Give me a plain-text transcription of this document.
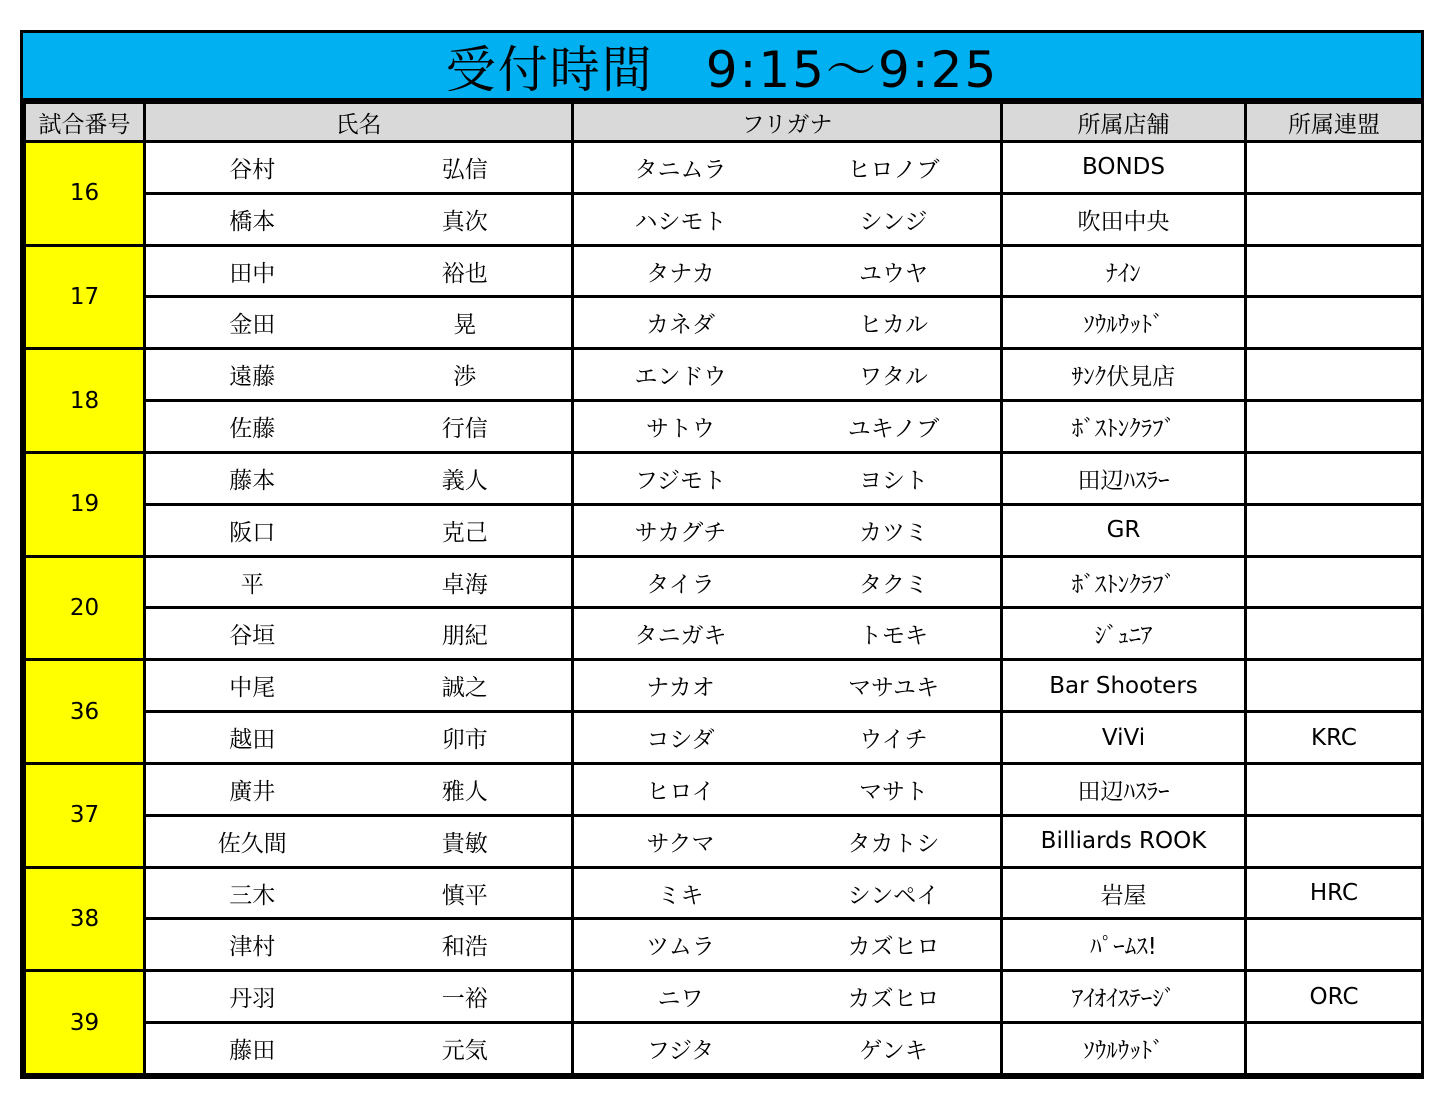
受付時間　9:15〜9:25
試合番号	氏名	フリガナ	所属店舗	所属連盟
16	谷村 弘信	タニムラ ヒロノブ	BONDS	

	橋本 真次	ハシモト シンジ	吹田中央	
17	田中 裕也	タナカ ユウヤ	ﾅｲﾝ	

	金田 晃	カネダ ヒカル	ｿｳﾙｳｯﾄﾞ	
18	遠藤 渉	エンドウ ワタル	ｻﾝｸ伏見店	

	佐藤 行信	サトウ ユキノブ	ﾎﾞｽﾄﾝｸﾗﾌﾞ	
19	藤本 義人	フジモト ヨシト	田辺ﾊｽﾗｰ	

	阪口 克己	サカグチ カツミ	GR	
20	平 卓海	タイラ タクミ	ﾎﾞｽﾄﾝｸﾗﾌﾞ	

	谷垣 朋紀	タニガキ トモキ	ｼﾞｭﾆｱ	
36	中尾 誠之	ナカオ マサユキ	Bar Shooters	

	越田 卯市	コシダ ウイチ	ViVi	KRC
37	廣井 雅人	ヒロイ マサト	田辺ﾊｽﾗｰ	

	佐久間 貴敏	サクマ タカトシ	Billiards ROOK	
38	三木 慎平	ミキ シンペイ	岩屋	HRC

	津村 和浩	ツムラ カズヒロ	ﾊﾟｰﾑｽ!	
39	丹羽 一裕	ニワ カズヒロ	ｱｲｵｲｽﾃｰｼﾞ	ORC

	藤田 元気	フジタ ゲンキ	ｿｳﾙｳｯﾄﾞ	
